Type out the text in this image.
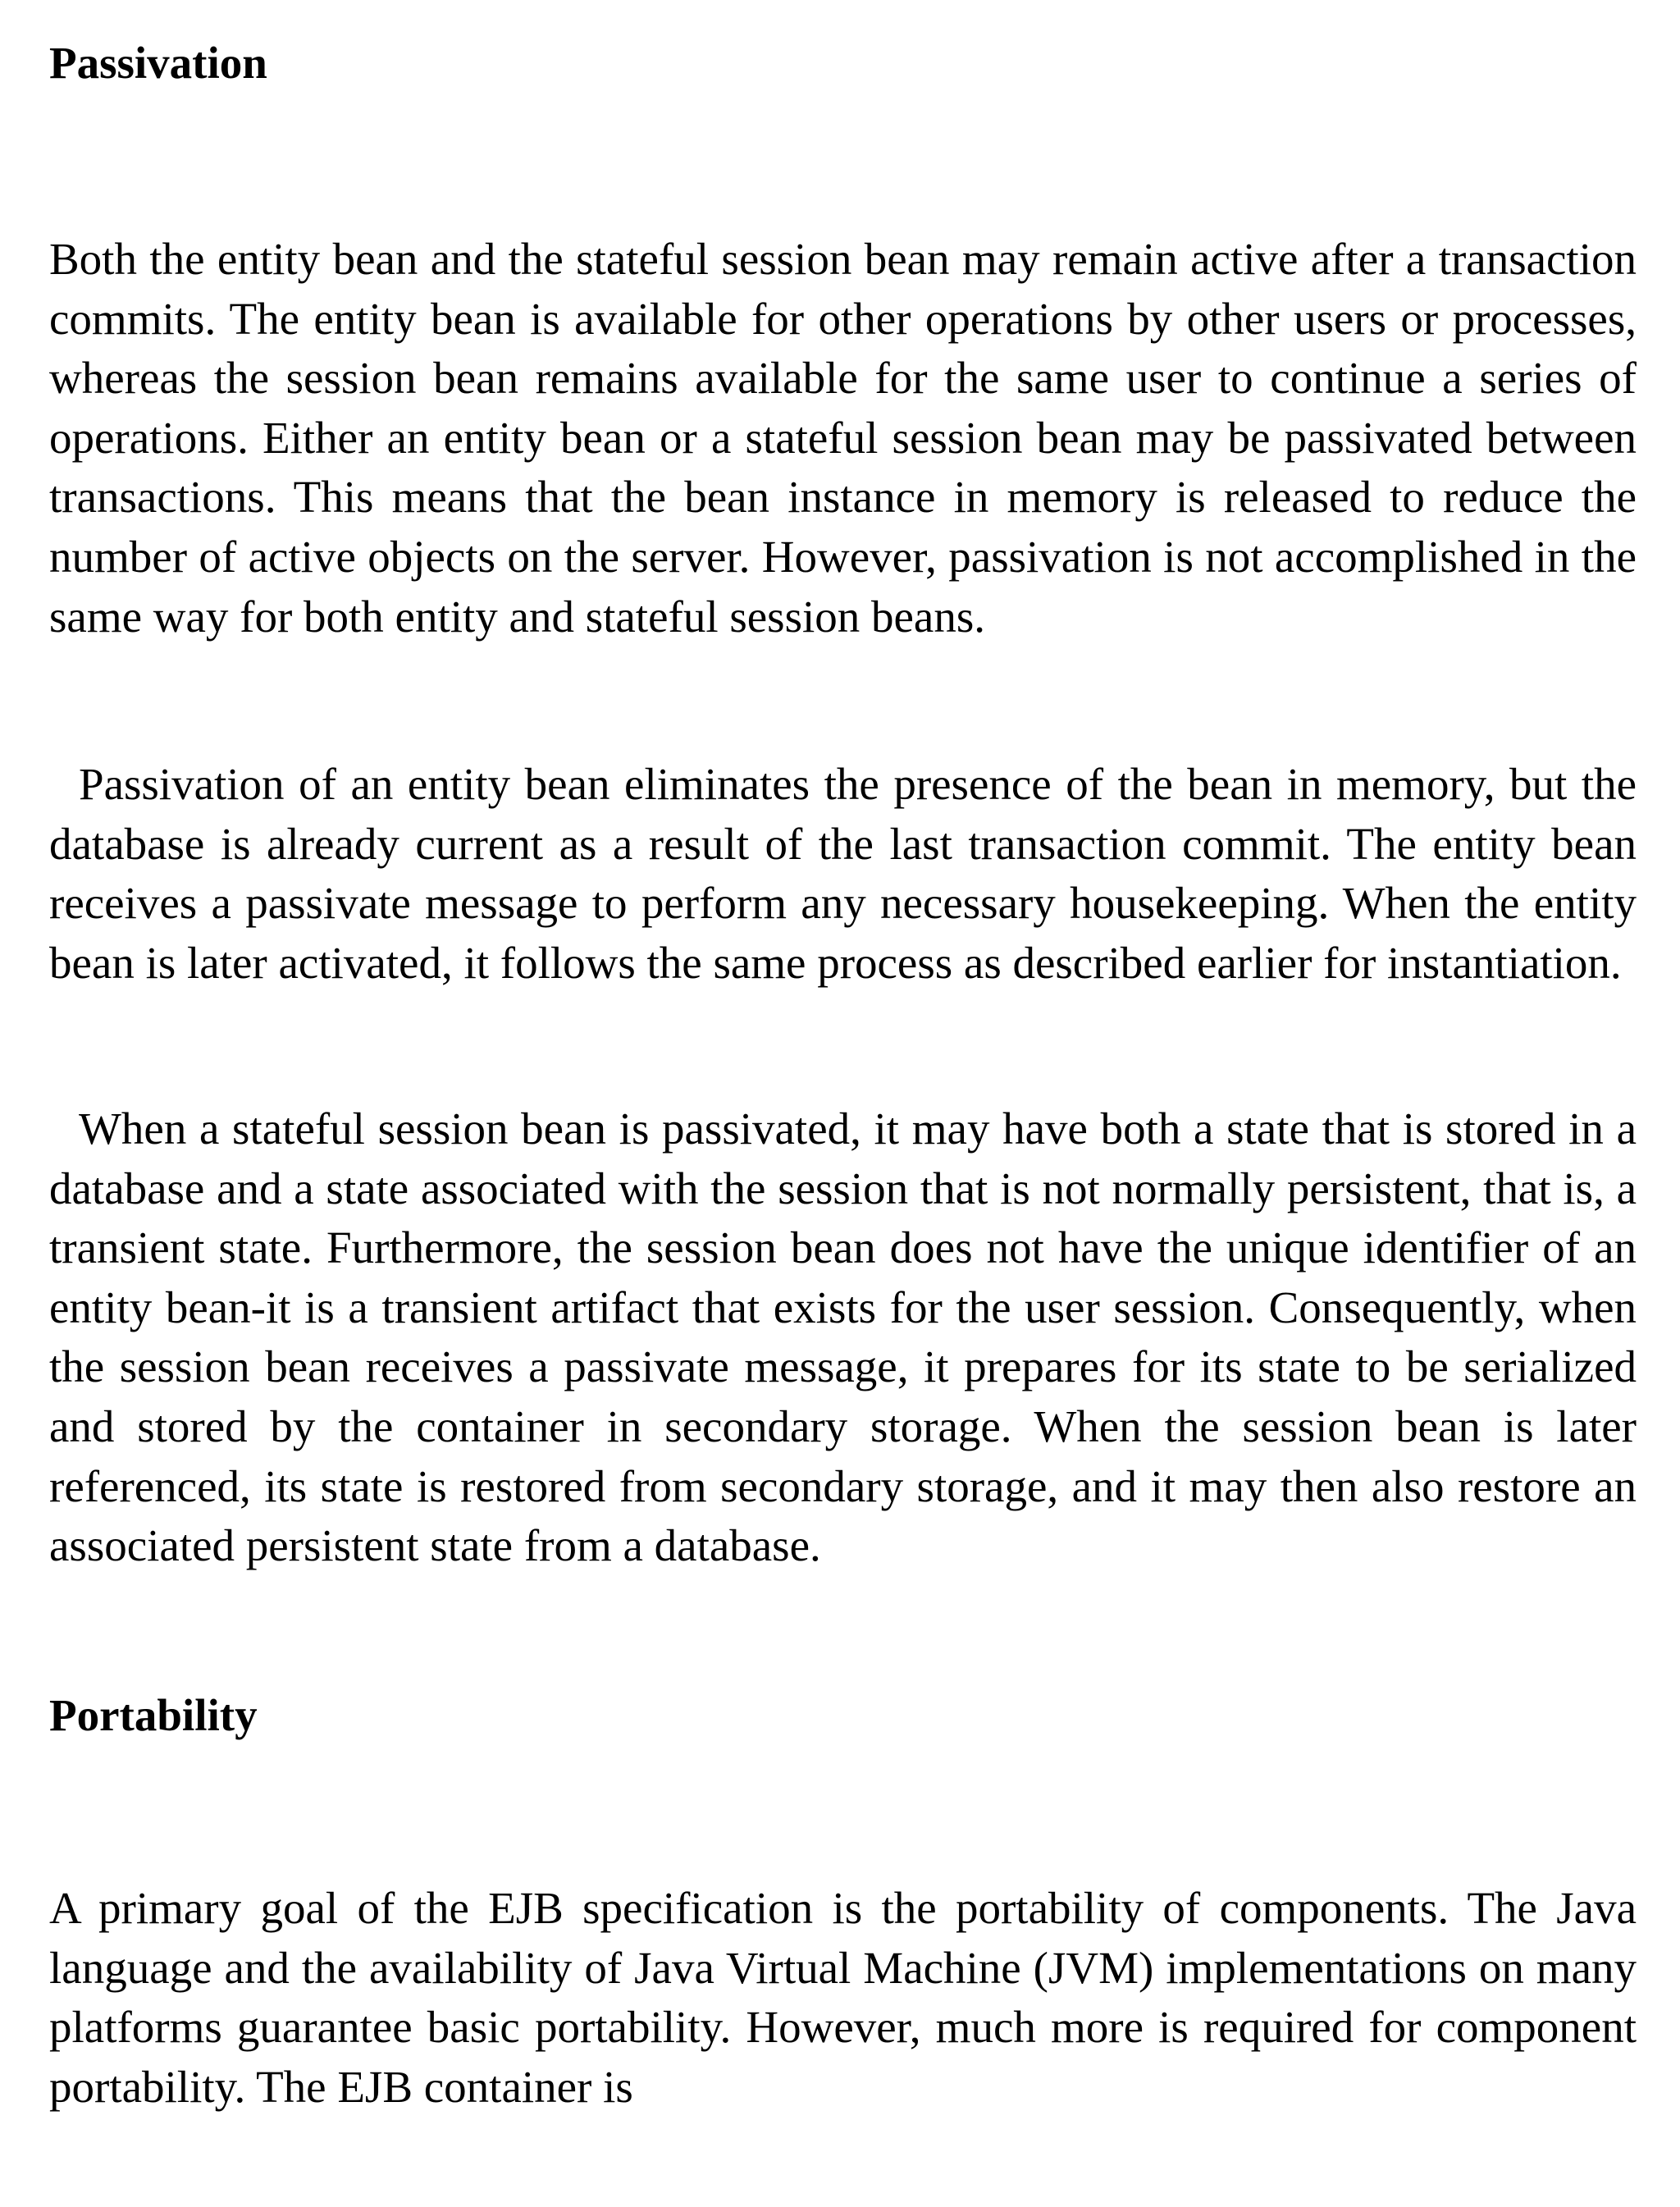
Passivation

Both the entity bean and the stateful session bean may remain active after a transaction commits. The entity bean is available for other operations by other users or processes, whereas the session bean remains available for the same user to continue a series of operations. Either an entity bean or a stateful session bean may be passivated between transactions. This means that the bean instance in memory is released to reduce the number of active objects on the server. However, passivation is not accomplished in the same way for both entity and stateful session beans.

Passivation of an entity bean eliminates the presence of the bean in memory, but the database is already current as a result of the last transaction commit. The entity bean receives a passivate message to perform any necessary housekeeping. When the entity bean is later activated, it follows the same process as described earlier for instantiation.

When a stateful session bean is passivated, it may have both a state that is stored in a database and a state associated with the session that is not normally persistent, that is, a transient state. Furthermore, the session bean does not have the unique identifier of an entity bean-it is a transient artifact that exists for the user session. Consequently, when the session bean receives a passivate message, it prepares for its state to be serialized and stored by the container in secondary storage. When the session bean is later referenced, its state is restored from secondary storage, and it may then also restore an associated persistent state from a database.

Portability

A primary goal of the EJB specification is the portability of components. The Java language and the availability of Java Virtual Machine (JVM) implementations on many platforms guarantee basic portability. However, much more is required for component portability. The EJB container is
